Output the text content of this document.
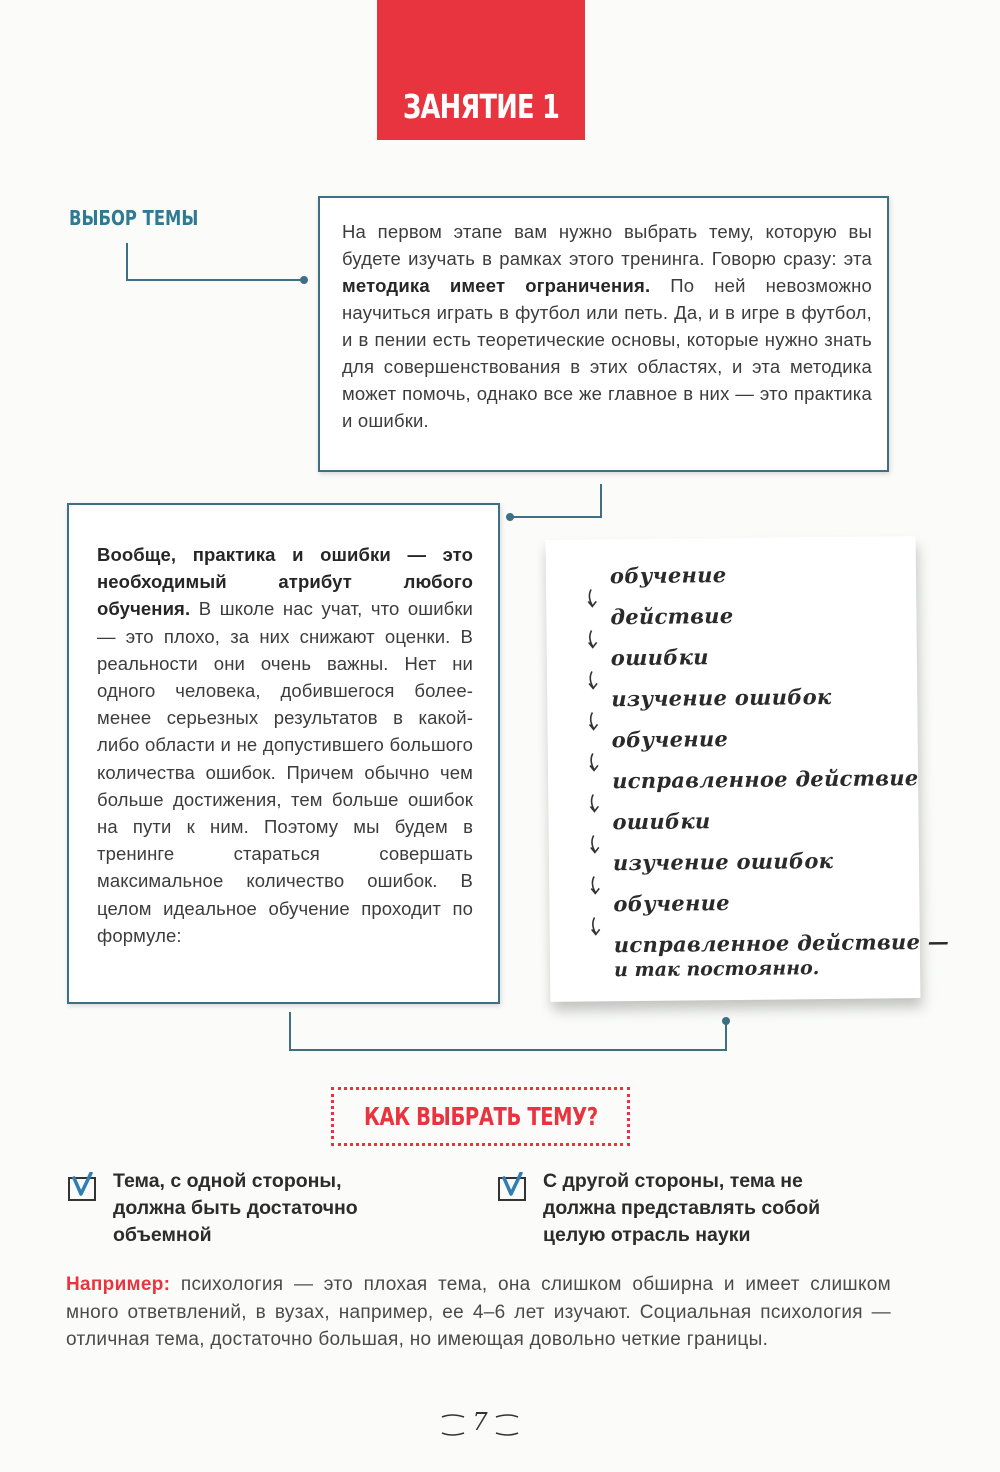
ЗАНЯТИЕ 1
ВЫБОР ТЕМЫ
На первом этапе вам нужно выбрать тему, которую вы будете изучать в рамках этого тренинга. Говорю сразу: эта методика имеет ограничения. По ней невозможно научиться играть в футбол или петь. Да, и в игре в футбол, и в пении есть теоретические основы, которые нужно знать для совершенствования в этих областях, и эта методика может помочь, однако все же главное в них — это практика и ошибки.
Вообще, практика и ошибки — это необходимый атрибут любого обучения. В школе нас учат, что ошибки — это плохо, за них снижают оценки. В реальности они очень важны. Нет ни одного человека, добившегося более-менее серьезных результатов в какой-либо области и не допустившего большого количества ошибок. Причем обычно чем больше достижения, тем больше ошибок на пути к ним. Поэтому мы будем в тренинге стараться совершать максимальное количество ошибок. В целом идеальное обучение проходит по формуле:
обучение
действие
ошибки
изучение ошибок
обучение
исправленное действие
ошибки
изучение ошибок
обучение
исправленное действие —
и так постоянно.
КАК ВЫБРАТЬ ТЕМУ?
Тема, с одной стороны, должна быть достаточно объемной
С другой стороны, тема не должна представлять собой целую отрасль науки
Например: психология — это плохая тема, она слишком обширна и имеет слишком много ответвлений, в вузах, например, ее 4–6 лет изучают. Социальная психология — отличная тема, достаточно большая, но имеющая довольно четкие границы.
7
